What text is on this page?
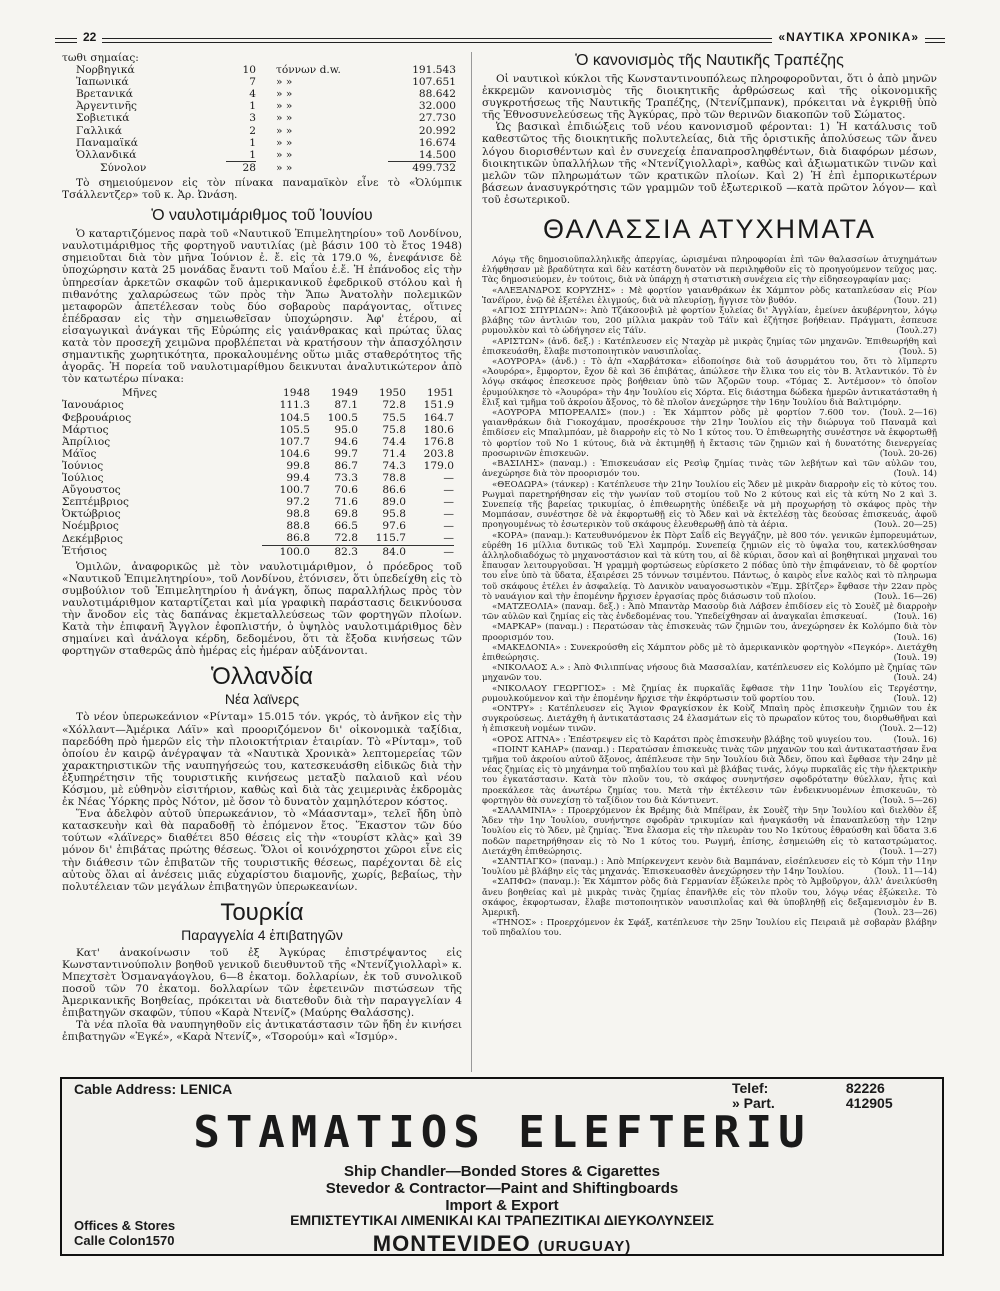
22	«ΝΑΥΤΙΚΑ ΧΡΟΝΙΚΑ»
τωθι σημαίας:
Νορβηγικά	10	τόννων d.w.	191.543
Ἰαπωνικά	7	» »	107.651
Βρετανικά	4	» »	88.642
Ἀργεντινῆς	1	» »	32.000
Σοβιετικά	3	» »	27.730
Γαλλικά	2	» »	20.992
Παναμαϊκά	1	» »	16.674
Ὁλλανδικά	1	» »	14.500
Σύνολον	28	» »	499.732
Τὸ σημειούμενον εἰς τὸν πίνακα παναμαϊκὸν εἶνε τὸ «Ὀλύμπικ Τσάλλεντζερ» τοῦ κ. Ἀρ. Ὠνάση.
Ὁ ναυλοτιμάριθμος τοῦ Ἰουνίου
Ὁ καταρτιζόμενος παρὰ τοῦ «Ναυτικοῦ Ἐπιμελητηρίου» τοῦ Λονδίνου, ναυλοτιμάριθμος τῆς φορτηγοῦ ναυτιλίας (μὲ βάσιν 100 τὸ ἔτος 1948) σημειοῦται διὰ τὸν μῆνα Ἰούνιον ἐ. ἔ. εἰς τὰ 179.0 %, ἐνεφάνισε δὲ ὑποχώρησιν κατὰ 25 μονάδας ἔναντι τοῦ Μαΐου ἐ.ἔ. Ἡ ἐπάνοδος εἰς τὴν ὑπηρεσίαν ἀρκετῶν σκαφῶν τοῦ ἀμερικανικοῦ ἐφεδρικοῦ στόλου καὶ ἡ πιθανότης χαλαρώσεως τῶν πρὸς τὴν Ἄπω Ἀνατολὴν πολεμικῶν μεταφορῶν ἀπετέλεσαν τοὺς δύο σοβαροὺς παράγοντας, οἵτινες ἐπέδρασαν εἰς τὴν σημειωθεῖσαν ὑποχώρησιν. Ἀφ' ἑτέρου, αἱ εἰσαγωγικαὶ ἀνάγκαι τῆς Εὐρώπης εἰς γαιάνθρακας καὶ πρώτας ὕλας κατὰ τὸν προσεχῆ χειμῶνα προβλέπεται νὰ κρατήσουν τὴν ἀπασχόλησιν σημαντικῆς χωρητικότητα, προκαλουμένης οὕτω μιᾶς σταθερότητος τῆς ἀγορᾶς. Ἡ πορεία τοῦ ναυλοτιμαρίθμου δεικνυται ἀναλυτικώτερον ἀπὸ τὸν κατωτέρω πίνακα:
Μῆνες	1948	1949	1950	1951
Ἰανουάριος	111.3	87.1	72.8	151.9
Φεβρουάριος	104.5	100.5	75.5	164.7
Μάρτιος	105.5	95.0	75.8	180.6
Ἀπρίλιος	107.7	94.6	74.4	176.8
Μάϊος	104.6	99.7	71.4	203.8
Ἰούνιος	99.8	86.7	74.3	179.0
Ἰούλιος	99.4	73.3	78.8	—
Αὔγουστος	100.7	70.6	86.6	—
Σεπτέμβριος	97.2	71.6	89.0	—
Ὀκτώβριος	98.8	69.8	95.8	—
Νοέμβριος	88.8	66.5	97.6	—
Δεκέμβριος	86.8	72.8	115.7	—
Ἐτήσιος	100.0	82.3	84.0	—
Ὁμιλῶν, ἀναφορικῶς μὲ τὸν ναυλοτιμάριθμον, ὁ πρόεδρος τοῦ «Ναυτικοῦ Ἐπιμελητηρίου», τοῦ Λονδίνου, ἐτόνισεν, ὅτι ὑπεδείχθη εἰς τὸ συμβούλιον τοῦ Ἐπιμελητηρίου ἡ ἀνάγκη, ὅπως παραλλήλως πρὸς τὸν ναυλοτιμάριθμον καταρτίζεται καὶ μία γραφικὴ παράστασις δεικνύουσα τὴν ἄνοδον εἰς τὰς δαπάνας ἐκμεταλλεύσεως τῶν φορτηγῶν πλοίων. Κατὰ τὴν ἐπιφανῆ Ἄγγλον ἐφοπλιστήν, ὁ ὑψηλὸς ναυλοτιμάριθμος δὲν σημαίνει καὶ ἀνάλογα κέρδη, δεδομένου, ὅτι τὰ ἔξοδα κινήσεως τῶν φορτηγῶν σταθερῶς ἀπὸ ἡμέρας εἰς ἡμέραν αὐξάνονται.
Ὁλλανδία
Νέα λαϊνερς
Τὸ νέον ὑπερωκεάνιον «Ρίνταμ» 15.015 τόν. γκρός, τὸ ἀνῆκον εἰς τὴν «Χόλλαντ—Ἀμέρικα Λάϊν» καὶ προοριζόμενον δι' οἰκονομικὰ ταξίδια, παρεδόθη πρὸ ἡμερῶν εἰς τὴν πλοιοκτήτριαν ἑταιρίαν. Τὸ «Ρίνταμ», τοῦ ὁποίου ἐν καιρῷ ἀνέγραψαν τὰ «Ναυτικὰ Χρονικὰ» λεπτομερείας τῶν χαρακτηριστικῶν τῆς ναυπηγήσεώς του, κατεσκευάσθη εἰδικῶς διὰ τὴν ἐξυπηρέτησιν τῆς τουριστικῆς κινήσεως μεταξὺ παλαιοῦ καὶ νέου Κόσμου, μὲ εὐθηνὸν εἰσιτήριον, καθὼς καὶ διὰ τὰς χειμερινὰς ἐκδρομὰς ἐκ Νέας Ὑόρκης πρὸς Νότον, μὲ ὅσον τὸ δυνατὸν χαμηλότερον κόστος.
Ἕνα ἀδελφὸν αὐτοῦ ὑπερωκεάνιον, τὸ «Μάασνταμ», τελεῖ ἤδη ὑπὸ κατασκευὴν καὶ θὰ παραδοθῇ τὸ ἐπόμενον ἔτος. Ἕκαστον τῶν δύο τούτων «λάϊνερς» διαθέτει 850 θέσεις εἰς τὴν «τουρίστ κλὰς» καὶ 39 μόνον δι' ἐπιβάτας πρώτης θέσεως. Ὅλοι οἱ κοινόχρηστοι χῶροι εἶνε εἰς τὴν διάθεσιν τῶν ἐπιβατῶν τῆς τουριστικῆς θέσεως, παρέχονται δὲ εἰς αὐτοὺς ὅλαι αἱ ἀνέσεις μιᾶς εὐχαρίστου διαμονῆς, χωρίς, βεβαίως, τὴν πολυτέλειαν τῶν μεγάλων ἐπιβατηγῶν ὑπερωκεανίων.
Τουρκία
Παραγγελία 4 ἐπιβατηγῶν
Κατ' ἀνακοίνωσιν τοῦ ἐξ Ἀγκύρας ἐπιστρέψαντος εἰς Κωνσταντινούπολιν βοηθοῦ γενικοῦ διευθυντοῦ τῆς «Ντενίζγιολλαρὶ» κ. Μπεχτσὲτ Ὀσμαναγάογλου, 6—8 ἑκατομ. δολλαρίων, ἐκ τοῦ συνολικοῦ ποσοῦ τῶν 70 ἑκατομ. δολλαρίων τῶν ἐφετεινῶν πιστώσεων τῆς Ἀμερικανικῆς Βοηθείας, πρόκειται νὰ διατεθοῦν διὰ τὴν παραγγελίαν 4 ἐπιβατηγῶν σκαφῶν, τύπου «Καρὰ Ντενίζ» (Μαύρης Θαλάσσης).
Τὰ νέα πλοῖα θὰ ναυπηγηθοῦν εἰς ἀντικατάστασιν τῶν ἤδη ἐν κινήσει ἐπιβατηγῶν «Ἐγκέ», «Καρὰ Ντενίζ», «Τσορούμ» καὶ «Ἰσμύρ».
Ὁ κανονισμὸς τῆς Ναυτικῆς Τραπέζης
Οἱ ναυτικοὶ κύκλοι τῆς Κωνσταντινουπόλεως πληροφοροῦνται, ὅτι ὁ ἀπὸ μηνῶν ἐκκρεμῶν κανονισμὸς τῆς διοικητικῆς ἀρθρώσεως καὶ τῆς οἰκονομικῆς συγκροτήσεως τῆς Ναυτικῆς Τραπέζης, (Ντενίζμπανκ), πρόκειται νὰ ἐγκριθῇ ὑπὸ τῆς Ἐθνοσυνελεύσεως τῆς Ἀγκύρας, πρὸ τῶν θερινῶν διακοπῶν τοῦ Σώματος.
Ὡς βασικαὶ ἐπιδιώξεις τοῦ νέου κανονισμοῦ φέρονται: 1) Ἡ κατάλυσις τοῦ καθεστῶτος τῆς διοικητικῆς πολυτελείας, διὰ τῆς ὁριστικῆς ἀπολύσεως τῶν ἄνευ λόγου διορισθέντων καὶ ἐν συνεχείᾳ ἐπαναπροσληφθέντων, διὰ διαφόρων μέσων, διοικητικῶν ὑπαλλήλων τῆς «Ντενίζγιολλαρὶ», καθὼς καὶ ἀξιωματικῶν τινῶν καὶ μελῶν τῶν πληρωμάτων τῶν κρατικῶν πλοίων. Καὶ 2) Ἡ ἐπὶ ἐμπορικωτέρων βάσεων ἀνασυγκρότησις τῶν γραμμῶν τοῦ ἐξωτερικοῦ —κατὰ πρῶτον λόγον— καὶ τοῦ ἐσωτερικοῦ.
ΘΑΛΑΣΣΙΑ ΑΤΥΧΗΜΑΤΑ
Λόγῳ τῆς δημοσιοϋπαλληλικῆς ἀπεργίας, ὡρισμέναι πληροφορίαι ἐπὶ τῶν θαλασσίων ἀτυχημάτων ἐλήφθησαν μὲ βραδύτητα καὶ δὲν κατέστη δυνατὸν νὰ περιληφθοῦν εἰς τὸ προηγούμενον τεῦχος μας. Τὰς δημοσιεύομεν, ἐν τούτοις, διὰ νὰ ὑπάρχῃ ἡ στατιστικὴ συνέχεια εἰς τὴν εἰδησεογραφίαν μας:
«ΑΛΕΞΑΝΔΡΟΣ ΚΟΡΥΖΗΣ» : Μὲ φορτίον γαιανθράκων ἐκ Χάμπτον ρὸδς καταπλεύσαν εἰς Ρίον Ἰανέϊρον, ἐνῷ δὲ ἐξετέλει ἐλιγμούς, διὰ νὰ πλευρίσῃ, ἤγγισε τὸν βυθόν.	(Ἰουν. 21)
«ΑΓΙΟΣ ΣΠΥΡΙΔΩΝ»: Ἀπὸ Τζάκσονβιλ μὲ φορτίον ξυλείας δι' Ἀγγλίαν, ἐμείνεν ἀκυβέρνητον, λόγῳ βλάβης τῶν ἀντλιῶν του, 200 μίλλια μακρὰν τοῦ Τάϊν καὶ ἐζήτησε βοήθειαν. Πράγματι, ἐσπευσε ρυμουλκὸν καὶ τὸ ὡδήγησεν εἰς Τάϊν.	(Ἰουλ.27)
«ΑΡΙΣΤΩΝ» (ἀνδ. δεξ.) : Κατέπλευσεν εἰς Νταχὰρ μὲ μικρὰς ζημίας τῶν μηχανῶν. Ἐπιθεωρήθη καὶ ἐπισκευάσθη, ἔλαβε πιστοποιητικὸν ναυσιπλοΐας.	(Ἰουλ. 5)
«ΑΟΥΡΟΡΑ» (ἀνδ.) : Τὸ ἁ/π «Χαρβάτσκα» εἰδοποίησε διὰ τοῦ ἀσυρμάτου του, ὅτι τὸ λῖμπερτυ «Ἀουρόρα», ἔμφορτον, ἔχον δὲ καὶ 36 ἐπιβάτας, ἀπώλεσε τὴν ἕλικα του εἰς τὸν Β. Ἀτλαντικόν. Τὸ ἐν λόγῳ σκάφος ἐπεσκευσε πρὸς βοήθειαν ὑπὸ τῶν Ἀζορῶν τουρ. «Τόμας Σ. Ἀντέμσον» τὸ ὁποῖον ἐρυμούλκησε τὸ «Ἀουρόρα» τὴν 4ην Ἰουλίου εἰς Χόρτα. Εἰς διάστημα δώδεκα ἡμερῶν ἀντικατάσταθη ἡ ἕλιξ καὶ τμῆμα τοῦ ἀκροίου ἄξονος, τὸ δὲ πλοῖον ἀνεχώρησε τὴν 16ην Ἰουλίου διὰ Βαλτιμόρην.
(Ἰουλ. 2—16)
«ΑΟΥΡΟΡΑ ΜΠΟΡΕΑΛΙΣ» (πον.) : Ἐκ Χάμπτον ρὸδς μὲ φορτίον 7.600 τον. γαιανθράκων διὰ Γιοκοχάμαν, προσέκρουσε τὴν 21ην Ἰουλίου εἰς τὴν διώρυγα τοῦ Παναμᾶ καὶ ἐπιδίσεν εἰς Μπαλμπόαν, μὲ διαρροὴν εἰς τὸ Νο 1 κύτος του. Ὁ ἐπιθεωρητὴς συνέστησε νὰ ἐκφορτωθῇ τὸ φορτίον τοῦ Νο 1 κύτους, διὰ νὰ ἐκτιμηθῇ ἡ ἔκτασις τῶν ζημιῶν καὶ ἡ δυνατότης διενεργείας προσωρινῶν ἐπισκευῶν.	(Ἰουλ. 20-26)
«ΒΑΣΙΛΗΣ» (παναμ.) : Ἐπισκευάσαν εἰς Ρεσὶφ ζημίας τινὰς τῶν λεβήτων καὶ τῶν αὐλῶν του, ἀνεχώρησε διὰ τὸν προορισμόν του.	(Ἰουλ. 14)
«ΘΕΟΔΩΡΑ» (τάνκερ) : Κατέπλευσε τὴν 21ην Ἰουλίου εἰς Ἄδεν μὲ μικρὰν διαρροὴν εἰς τὸ κύτος του. Ρωγμαὶ παρετηρήθησαν εἰς τὴν γωνίαν τοῦ στομίου τοῦ Νο 2 κύτους καὶ εἰς τὰ κύτη Νο 2 καὶ 3. Συνεπείᾳ τῆς βαρείας τρικυμίας, ὁ ἐπιθεωρητὴς ὑπέδειξε νὰ μὴ προχωρήσῃ τὸ σκάφος πρὸς τὴν Μομπάσαν, συνέστησε δὲ νὰ ἐκφορτωθῇ εἰς τὸ Ἄδεν καὶ νὰ ἐκτελέσῃ τὰς δεούσας ἐπισκευάς, ἀφοῦ προηγουμένως τὸ ἐσωτερικὸν τοῦ σκάφους ἐλευθερωθῇ ἀπὸ τὰ ἀέρια.	(Ἰουλ. 20—25)
«ΚΟΡΑ» (παναμ.): Κατευθυνόμενον ἐκ Πὸρτ Σαΐδ εἰς Βεγγάζην, μὲ 800 τόν. γενικῶν ἐμπορευμάτων, εὑρέθη 16 μίλλια δυτικῶς τοῦ Ἐλὶ Χαμπρόμ. Συνεπείᾳ ζημιῶν εἰς τὸ ὑψαλα του, κατεκλύσθησαν ἀλληλοδιαδόχως τὸ μηχανοστάσιον καὶ τὰ κύτη του, αἱ δὲ κύριαι, ὅσον καὶ αἱ βοηθητικαὶ μηχαναὶ του ἔπαυσαν λειτουργοῦσαι. Ἡ γραμμὴ φορτώσεως εὑρίσκετο 2 πόδας ὑπὸ τὴν ἐπιφάνειαν, τὸ δὲ φορτίον του εἶνε ὑπὸ τὰ ὕδατα, ἐξαιρέσει 25 τόννων τσιμέντου. Πάντως, ὁ καιρὸς εἶνε καλὸς καὶ τὸ πληρωμα τοῦ σκάφους ἐτέλει ἐν ἀσφαλείᾳ. Τὸ Δανικὸν ναυαγοσωστικὸν «Ἐμμ. Σβίτζερ» ἔφθασε τὴν 22αν πρὸς τὸ ναυάγιον καὶ τὴν ἐπομένην ἤρχισεν ἐργασίας πρὸς διάσωσιν τοῦ πλοίου.	(Ἰουλ. 16—26)
«ΜΑΤΖΕΟΛΙΑ» (παναμ. δεξ.) : Ἀπὸ Μπαντὰρ Μασοὺρ διὰ Λάβσεν ἐπιδίσεν εἰς τὸ Σουὲζ μὲ διαρροὴν τῶν αὐλῶν καὶ ζημίας εἰς τὰς ἐνδεδομένας του. Ὑπεδείχθησαν αἱ ἀναγκαῖαι ἐπισκευαί.	(Ἰουλ. 16)
«ΜΑΡΚΑΡ» (παναμ.) : Περατώσαν τὰς ἐπισκευὰς τῶν ζημιῶν του, ἀνεχώρησεν ἐκ Κολόμπο διὰ τὸν προορισμόν του.	(Ἰουλ. 16)
«ΜΑΚΕΔΟΝΙΑ» : Συνεκρούσθη εἰς Χάμπτον ρὸδς μὲ τὸ ἀμερικανικὸν φορτηγὸν «Πεγκόρ». Διετάχθη ἐπιθεώρησις.	(Ἰουλ. 19)
«ΝΙΚΟΛΑΟΣ Α.» : Ἀπὸ Φιλιππίνας νήσους διὰ Μασσαλίαν, κατέπλευσεν εἰς Κολόμπο μὲ ζημίας τῶν μηχανῶν του.	(Ἰουλ. 24)
«ΝΙΚΟΛΑΟΥ ΓΕΩΡΓΙΟΣ» : Μὲ ζημίας ἐκ πυρκαϊᾶς ἔφθασε τὴν 11ην Ἰουλίου εἰς Τεργέστην, ρυμουλκούμενον καὶ τὴν ἐπομένην ἤρχισε τὴν ἐκφόρτωσιν τοῦ φορτίου του.	(Ἰουλ. 12)
«ΟΝΤΡΥ» : Κατέπλευσεν εἰς Ἅγιον Φραγκίσκον ἐκ Κοὺζ Μπαὶη πρὸς ἐπισκευὴν ζημιῶν του ἐκ συγκρούσεως. Διετάχθη ἡ ἀντικατάστασις 24 ἐλασμάτων εἰς τὸ πρωραῖον κύτος του, διορθωθῆναι καὶ ἡ ἐπισκευὴ νομέων τινῶν.	(Ἰουλ. 2—12)
«ΟΡΟΣ ΑΙΤΝΑ» : Ἐπέστρεψεν εἰς τὸ Καράτσι πρὸς ἐπισκευὴν βλάβης τοῦ ψυγείου του.	(Ἰουλ. 16)
«ΠΟΙΝΤ ΚΑΗΑΡ» (παναμ.) : Περατώσαν ἐπισκευὰς τινὰς τῶν μηχανῶν του καὶ ἀντικαταστήσαν ἕνα τμῆμα τοῦ ἀκροίου αὐτοῦ ἄξονος, ἀπέπλευσε τὴν 5ην Ἰουλίου διὰ Ἄδεν, ὅπου καὶ ἔφθασε τὴν 24ην μὲ νέας ζημίας εἰς τὸ μηχάνημα τοῦ πηδαλίου του καὶ μὲ βλάβας τινάς, λόγῳ πυρκαϊᾶς εἰς τὴν ἠλεκτρικὴν του ἐγκατάστασιν. Κατὰ τὸν πλοῦν του, τὸ σκάφος συνηντήσεν σφοδρότατην θύελλαν, ἧτις καὶ προεκάλεσε τὰς ἀνωτέρω ζημίας του. Μετὰ τὴν ἐκτέλεσιν τῶν ἐνδεικνυομένων ἐπισκευῶν, τὸ φορτηγὸν θὰ συνεχίσῃ τὸ ταξίδιον του διὰ Κόντινεντ.	(Ἰουλ. 5—26)
«ΣΑΛΑΜΙΝΙΑ» : Προερχόμενον ἐκ Βρέμης διὰ Μπέϊραν, ἐκ Σουὲζ τὴν 5ην Ἰουλίου καὶ διελθὸν ἐξ Ἄδεν τὴν 1ην Ἰουλίου, συνήντησε σφοδρὰν τρικυμίαν καὶ ἠναγκάσθη νὰ ἐπαναπλεύσῃ τὴν 12ην Ἰουλίου εἰς τὸ Ἄδεν, μὲ ζημίας. Ἕνα ἔλασμα εἰς τὴν πλευρὰν του Νο 1κύτους ἐθραύσθη καὶ ὕδατα 3.6 ποδῶν παρετηρήθησαν εἰς τὸ Νο 1 κύτος του. Ρωγμή, ἐπίσης, ἐσημειώθη εἰς τὸ καταστρώματος. Διετάχθη ἐπιθεώρησις.	(Ἰουλ. 1—27)
«ΣΑΝΤΙΑΓΚΟ» (παναμ.) : Ἀπὸ Μπίρκενχεντ κενὸν διὰ Βαμπάναν, εἰσέπλευσεν εἰς τὸ Κόμπ τὴν 11ην Ἰουλίου μὲ βλάβην εἰς τὰς μηχανάς. Ἐπισκευασθὲν ἀνεχώρησεν τὴν 14ην Ἰουλίου.	(Ἰουλ. 11—14)
«ΣΑΠΦΩ» (παναμ.): Ἐκ Χάμπτον ρὸδς διὰ Γερμανίαν ἐξώκειλε πρὸς τὸ Ἀμβοῦργον, ἀλλ' ἀνειλκύσθη ἄνευ βοηθείας καὶ μὲ μικρὰς τινὰς ζημίας ἐπανῆλθε εἰς τὸν πλοῦν του, λόγῳ νέας ἐξώκειλε. Τὸ σκάφος, ἐκφορτωσαν, ἔλαβε πιστοποιητικὸν ναυσιπλοΐας καὶ θὰ ὑποβληθῇ εἰς δεξαμενισμὸν ἐν Β. Ἀμερικῆ.	(Ἰουλ. 23—26)
«ΤΗΝΟΣ» : Προερχόμενον ἐκ Σφάξ, κατέπλευσε τὴν 25ην Ἰουλίου εἰς Πειραιᾶ μὲ σοβαρὰν βλάβην τοῦ πηδαλίου του.
Cable Address: LENICA	Telef:	82226
» Part.	412905
STAMATIOS ELEFTERIU
Ship Chandler—Bonded Stores & Cigarettes
Stevedor & Contractor—Paint and Shiftingboards
Import & Export
ΕΜΠΙΣΤΕΥΤΙΚΑΙ ΛΙΜΕΝΙΚΑΙ ΚΑΙ ΤΡΑΠΕΖΙΤΙΚΑΙ ΔΙΕΥΚΟΛΥΝΣΕΙΣ
Offices & Stores
Calle Colon1570	MONTEVIDEO (URUGUAY)
